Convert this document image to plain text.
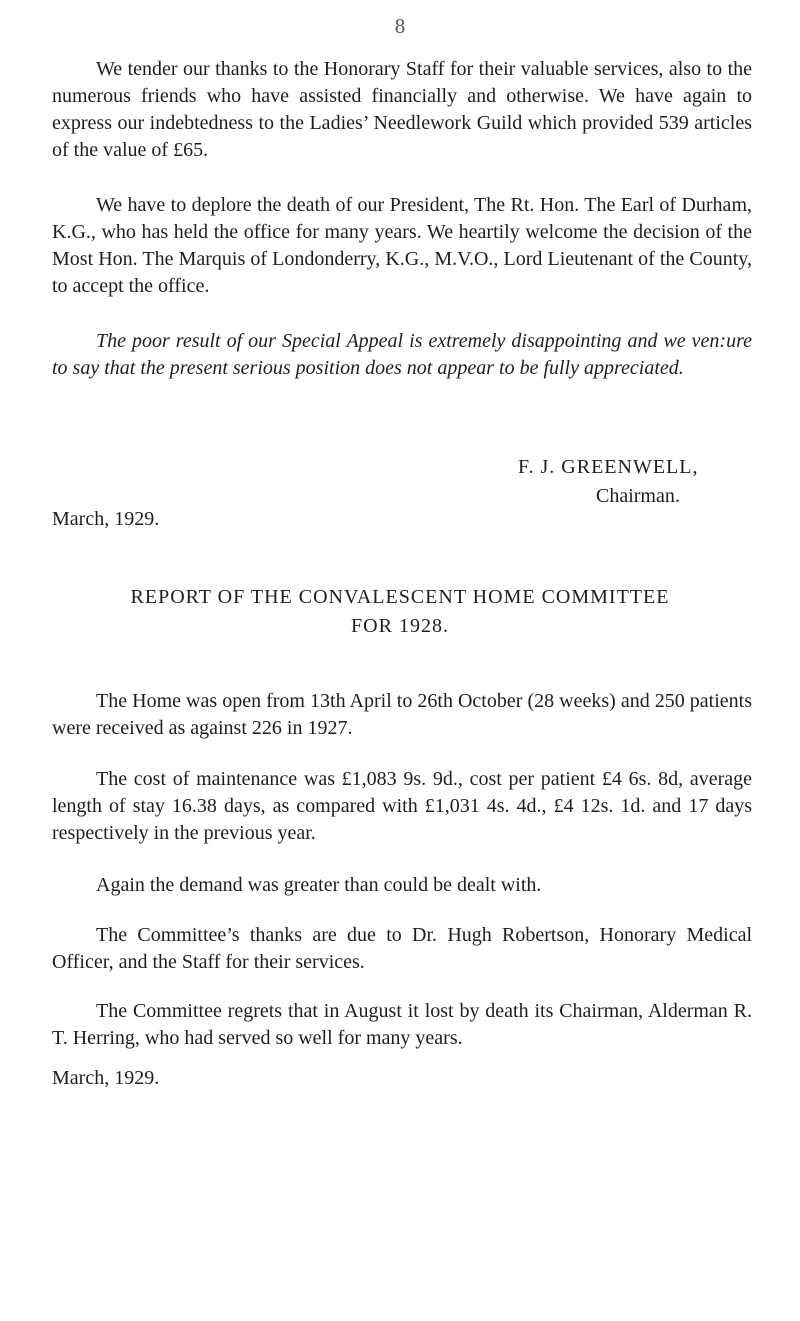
8

We tender our thanks to the Honorary Staff for their valuable services, also to the numerous friends who have assisted financially and otherwise. We have again to express our indebtedness to the Ladies’ Needlework Guild which provided 539 articles of the value of £65.

We have to deplore the death of our President, The Rt. Hon. The Earl of Durham, K.G., who has held the office for many years. We heartily welcome the decision of the Most Hon. The Marquis of Londonderry, K.G., M.V.O., Lord Lieutenant of the County, to accept the office.

The poor result of our Special Appeal is extremely disappointing and we ven:ure to say that the present serious position does not appear to be fully appreciated.

F. J. GREENWELL,
Chairman.
March, 1929.
REPORT OF THE CONVALESCENT HOME COMMITTEE
FOR 1928.

The Home was open from 13th April to 26th October (28 weeks) and 250 patients were received as against 226 in 1927.

The cost of maintenance was £1,083 9s. 9d., cost per patient £4 6s. 8d, average length of stay 16.38 days, as compared with £1,031 4s. 4d., £4 12s. 1d. and 17 days respectively in the previous year.

Again the demand was greater than could be dealt with.

The Committee’s thanks are due to Dr. Hugh Robertson, Honorary Medical Officer, and the Staff for their services.

The Committee regrets that in August it lost by death its Chairman, Alderman R. T. Herring, who had served so well for many years.

March, 1929.
